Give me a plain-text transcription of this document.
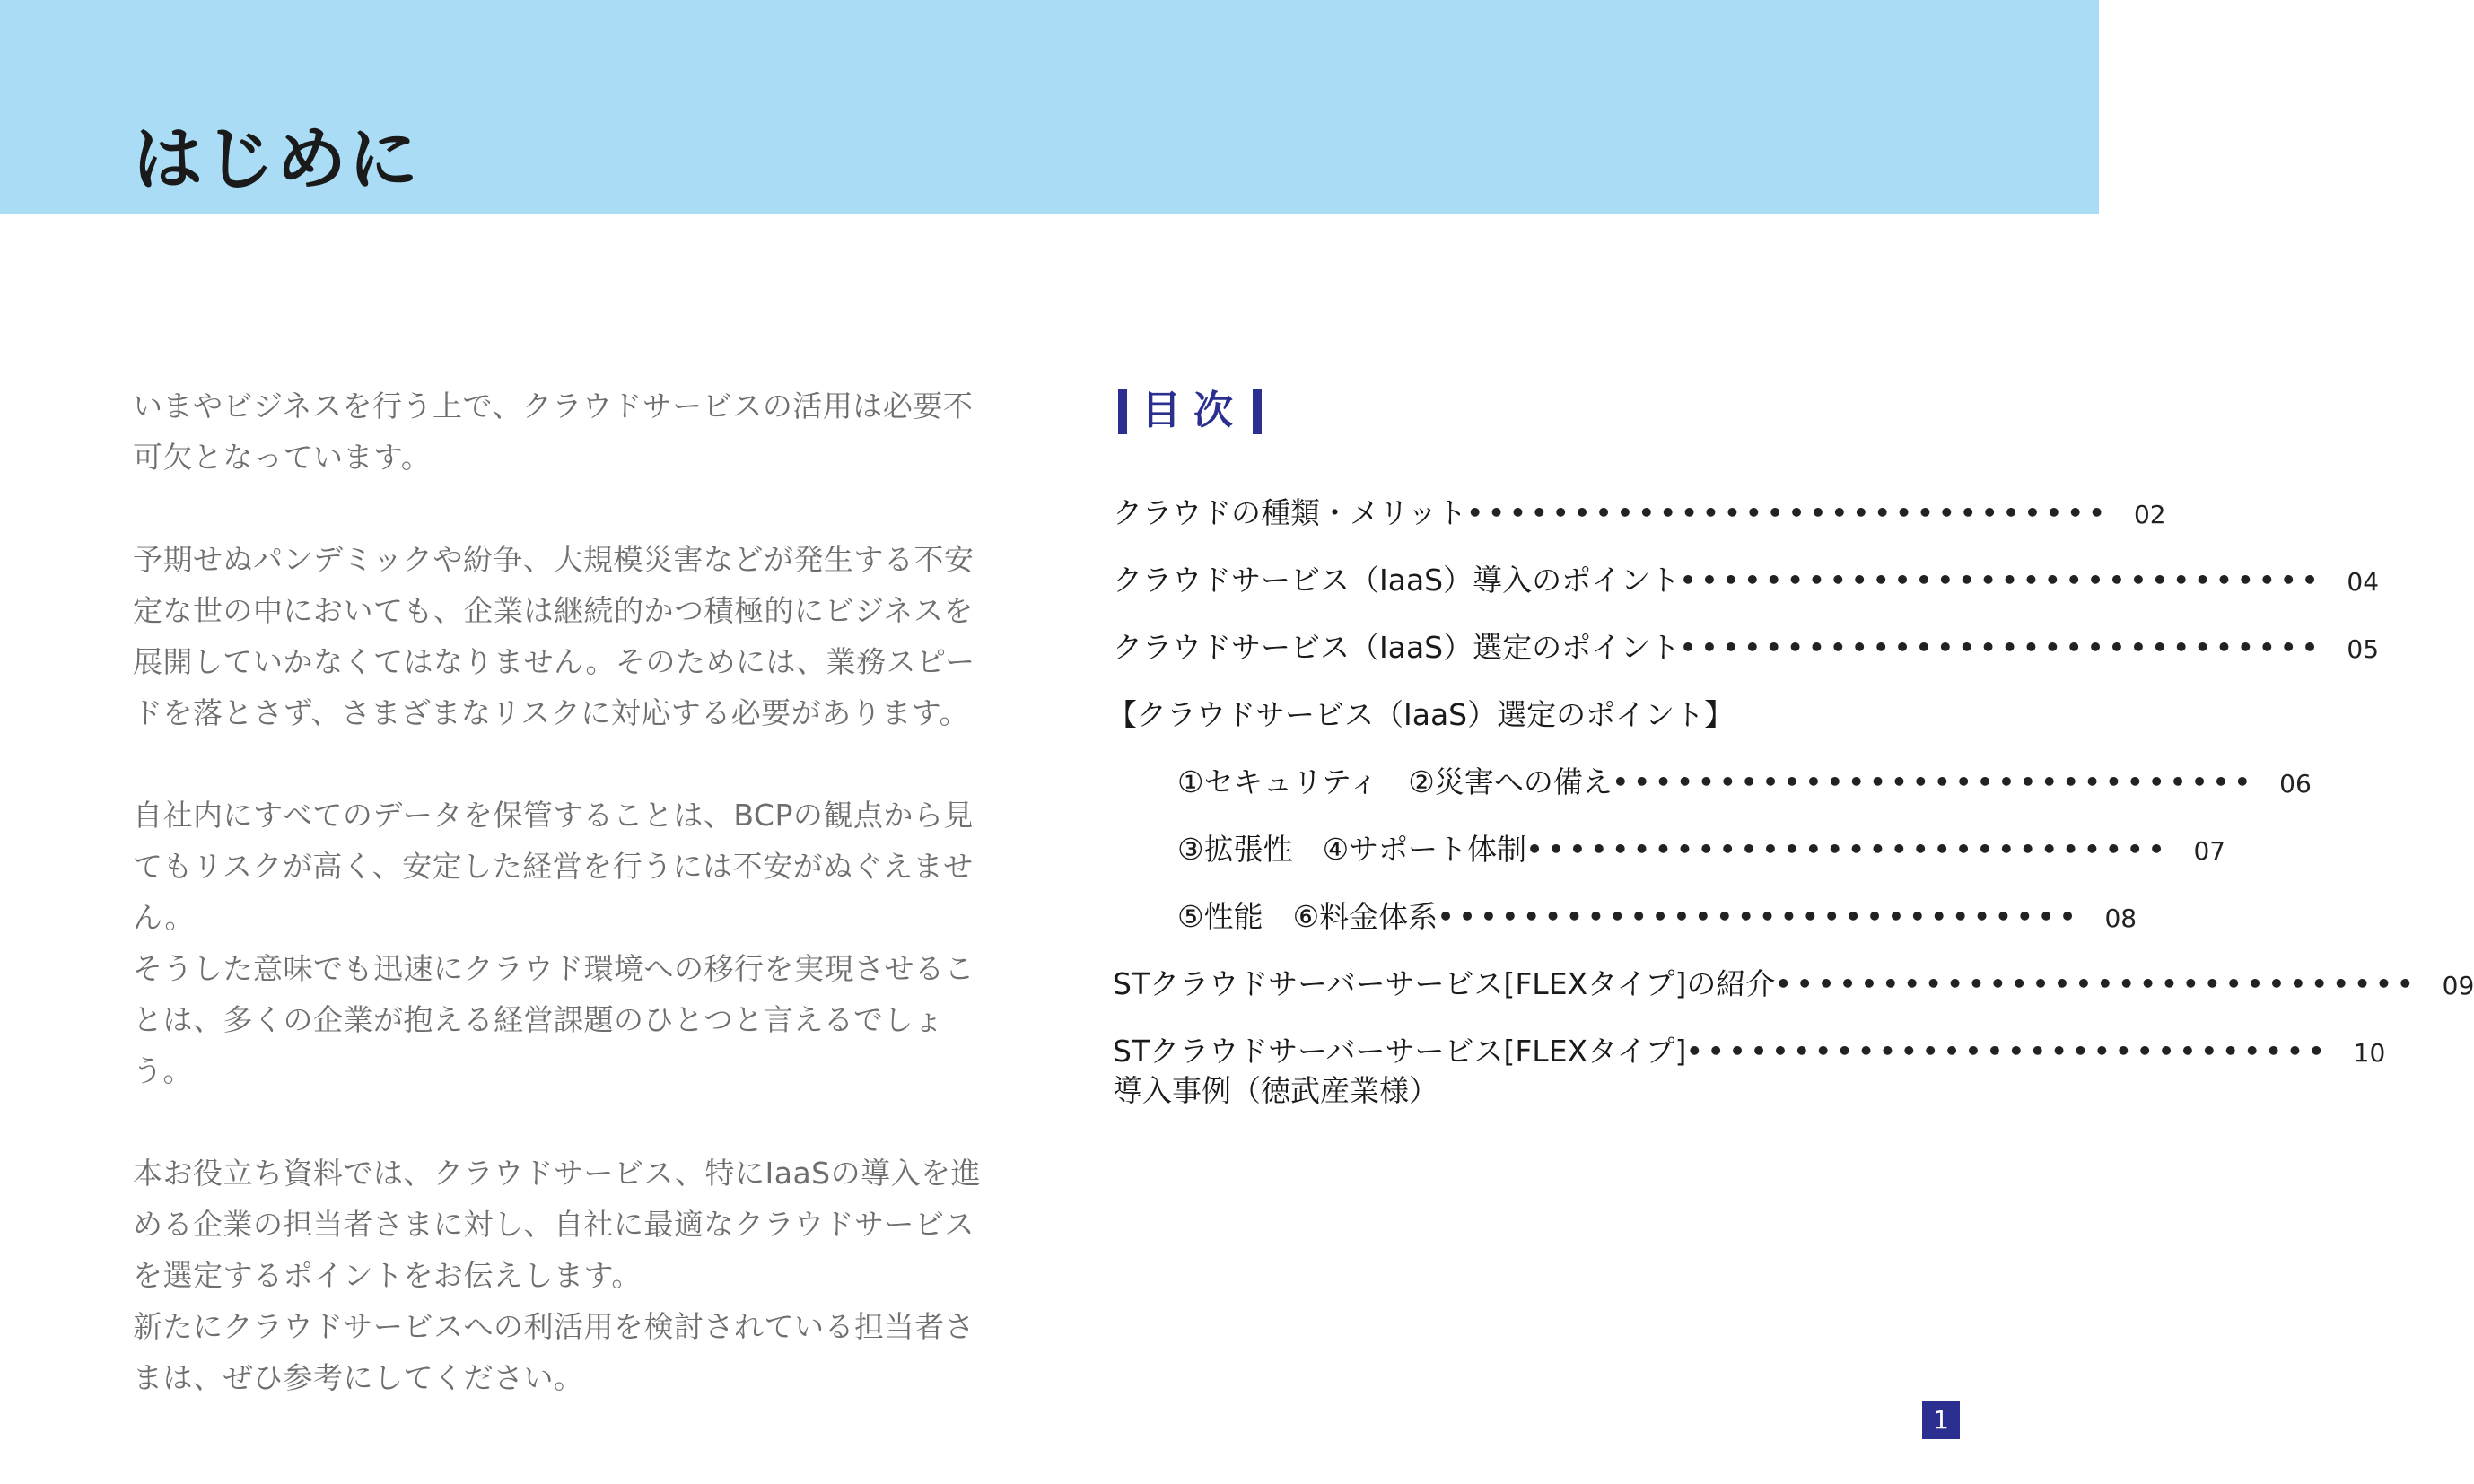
はじめに

いまやビジネスを行う上で、クラウドサービスの活用は必要不可欠となっています。

予期せぬパンデミックや紛争、大規模災害などが発生する不安定な世の中においても、企業は継続的かつ積極的にビジネスを展開していかなくてはなりません。そのためには、業務スピードを落とさず、さまざまなリスクに対応する必要があります。

自社内にすべてのデータを保管することは、BCPの観点から見てもリスクが高く、安定した経営を行うには不安がぬぐえません。
そうした意味でも迅速にクラウド環境への移行を実現させることは、多くの企業が抱える経営課題のひとつと言えるでしょう。

本お役立ち資料では、クラウドサービス、特にIaaSの導入を進める企業の担当者さまに対し、自社に最適なクラウドサービスを選定するポイントをお伝えします。
新たにクラウドサービスへの利活用を検討されている担当者さまは、ぜひ参考にしてください。

目次
クラウドの種類・メリット •••••••••••••••••••••••••••••• 02
クラウドサービス（IaaS）導入のポイント •••••••••••••••••••••••••••••• 04
クラウドサービス（IaaS）選定のポイント •••••••••••••••••••••••••••••• 05
【クラウドサービス（IaaS）選定のポイント】
①セキュリティ　②災害への備え •••••••••••••••••••••••••••••• 06
③拡張性　④サポート体制 •••••••••••••••••••••••••••••• 07
⑤性能　⑥料金体系 •••••••••••••••••••••••••••••• 08
STクラウドサーバーサービス[FLEXタイプ]の紹介 •••••••••••••••••••••••••••••• 09
STクラウドサーバーサービス[FLEXタイプ]
導入事例（徳武産業様）
•••••••••••••••••••••••••••••• 10
1
